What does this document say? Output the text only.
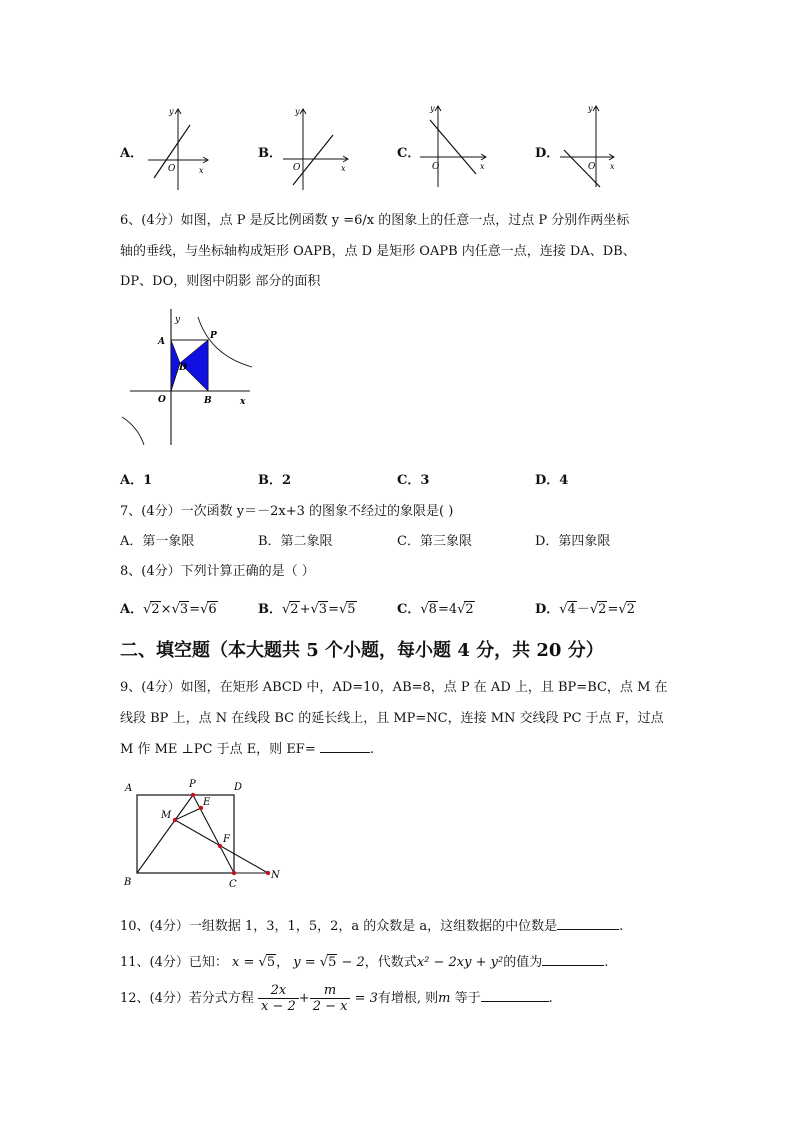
A．	B．	C．	D．
y
x
O
y
x
O
y
x
O
y
x
O
6、(4分）如图，点 P 是反比例函数 y =6/x 的图象上的任意一点，过点 P 分别作两坐标
轴的垂线，与坐标轴构成矩形 OAPB，点 D 是矩形 OAPB 内任意一点，连接 DA、DB、
DP、DO，则图中阴影 部分的面积
y
x
A
P
D
O	B
A．1	B．2	C．3	D．4
7、(4分）一次函数 y＝－2x+3 的图象不经过的象限是( )
A．第一象限	B．第二象限	C．第三象限	D．第四象限
8、(4分）下列计算正确的是（ ）
A．√2×√3=√6	B．√2+√3=√5	C．√8=4√2	D．√4－√2=√2
二、填空题（本大题共 5 个小题，每小题 4 分，共 20 分）
9、(4分）如图，在矩形 ABCD 中，AD=10，AB=8，点 P 在 AD 上，且 BP=BC，点 M 在
线段 BP 上，点 N 在线段 BC 的延长线上，且 MP=NC，连接 MN 交线段 PC 于点 F，过点
M 作 ME ⊥PC 于点 E，则 EF=	.
A	P	D
E
M
F
B	C
N
10、(4分）一组数据 1，3，1，5，2，a 的众数是 a，这组数据的中位数是	.
11、(4分）已知： x = √5， y = √5 − 2，代数式x² − 2xy + y²的值为	.
12、(4分）若分式方程 $\frac{2x}{x - 2} + \frac{m}{2 - x} = 3$有增根, 则m 等于	.
